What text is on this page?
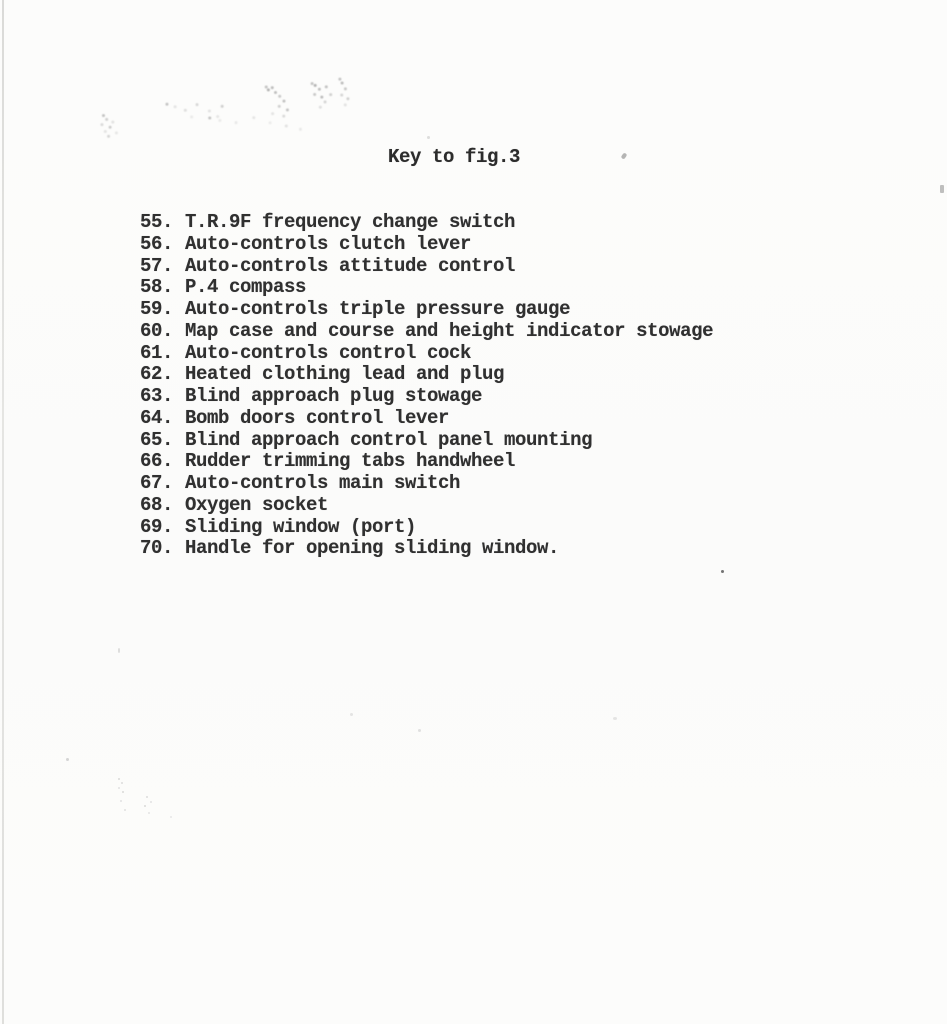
Key to fig.3
55. T.R.9F frequency change switch
56. Auto-controls clutch lever
57. Auto-controls attitude control
58. P.4 compass
59. Auto-controls triple pressure gauge
60. Map case and course and height indicator stowage
61. Auto-controls control cock
62. Heated clothing lead and plug
63. Blind approach plug stowage
64. Bomb doors control lever
65. Blind approach control panel mounting
66. Rudder trimming tabs handwheel
67. Auto-controls main switch
68. Oxygen socket
69. Sliding window (port)
70. Handle for opening sliding window.
